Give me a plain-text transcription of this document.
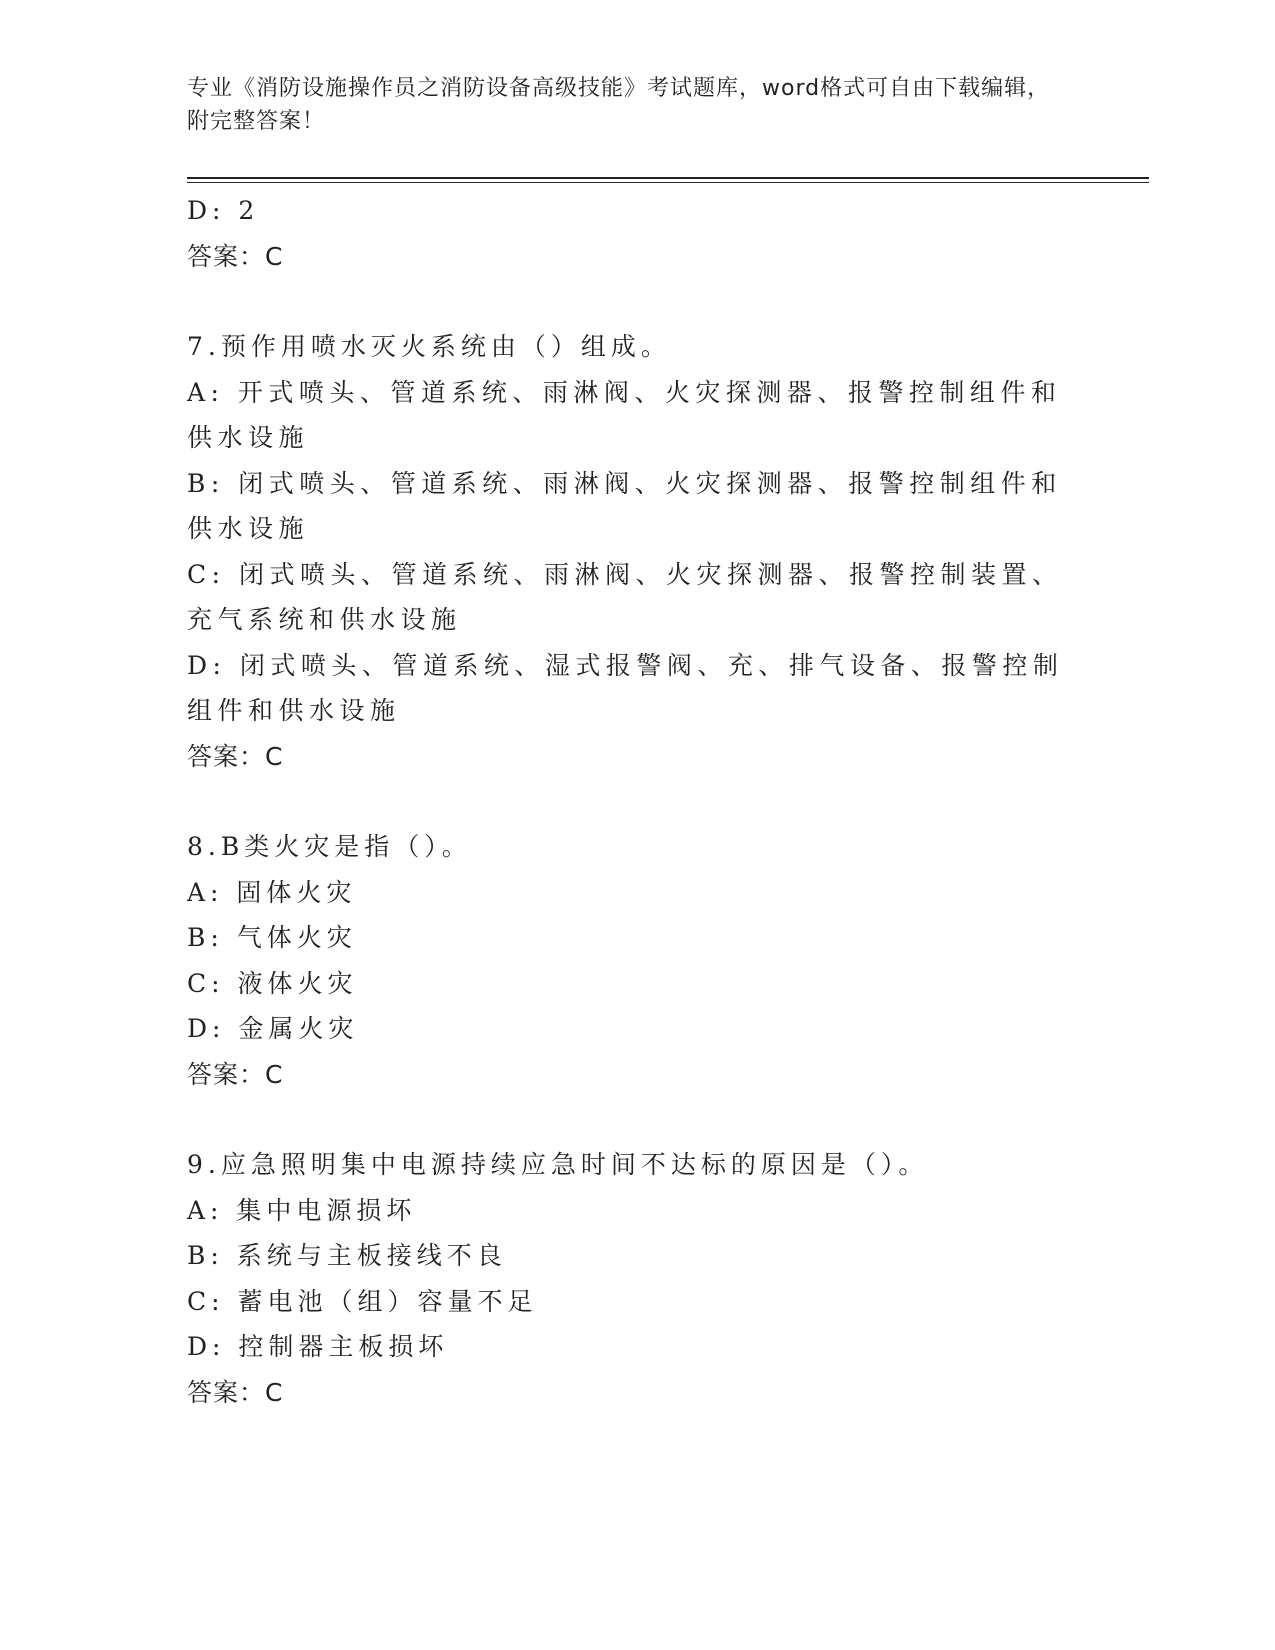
专业《消防设施操作员之消防设备高级技能》考试题库，word格式可自由下载编辑，附完整答案！
D: 2
答案：C
7.预作用喷水灭火系统由（）组成。
A: 开式喷头、管道系统、雨淋阀、火灾探测器、报警控制组件和供水设施
B: 闭式喷头、管道系统、雨淋阀、火灾探测器、报警控制组件和供水设施
C: 闭式喷头、管道系统、雨淋阀、火灾探测器、报警控制装置、充气系统和供水设施
D: 闭式喷头、管道系统、湿式报警阀、充、排气设备、报警控制组件和供水设施
答案：C
8.B类火灾是指（）。
A: 固体火灾
B: 气体火灾
C: 液体火灾
D: 金属火灾
答案：C
9.应急照明集中电源持续应急时间不达标的原因是（）。
A: 集中电源损坏
B: 系统与主板接线不良
C: 蓄电池（组）容量不足
D: 控制器主板损坏
答案：C
